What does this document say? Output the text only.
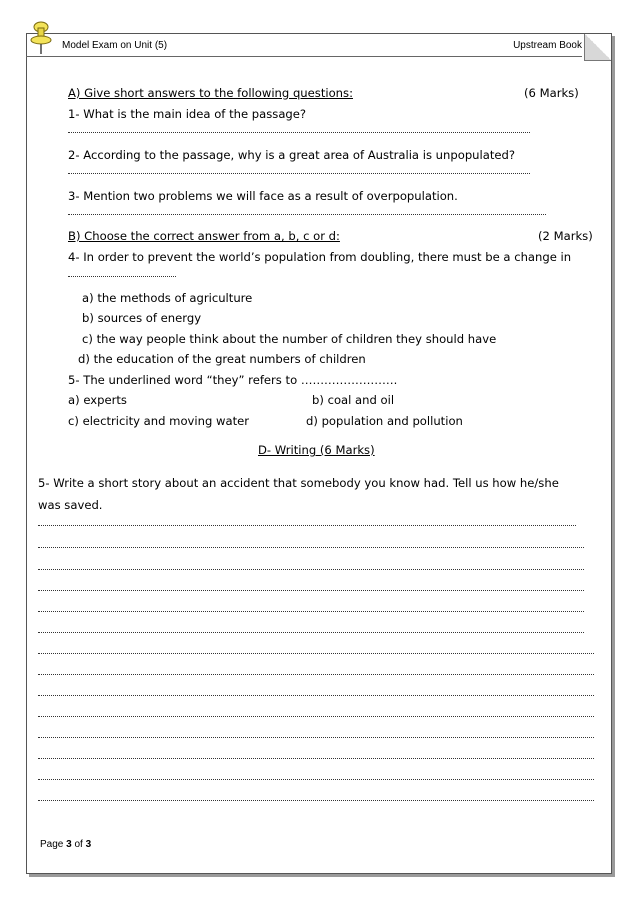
Model Exam on Unit (5)	Upstream Book
A) Give short answers to the following questions:	(6 Marks)
1- What is the main idea of the passage?
2- According to the passage, why is a great area of Australia is unpopulated?
3- Mention two problems we will face as a result of overpopulation.
B) Choose the correct answer from a, b, c or d:	(2 Marks)
4- In order to prevent the world’s population from doubling, there must be a change in
a) the methods of agriculture
b) sources of energy
c) the way people think about the number of children they should have
d) the education of the great numbers of children
5- The underlined word “they” refers to …………………….
a) experts	b) coal and oil
c) electricity and moving water	d) population and pollution
D- Writing (6 Marks)
5- Write a short story about an accident that somebody you know had. Tell us how he/she
was saved.
Page 3 of 3
